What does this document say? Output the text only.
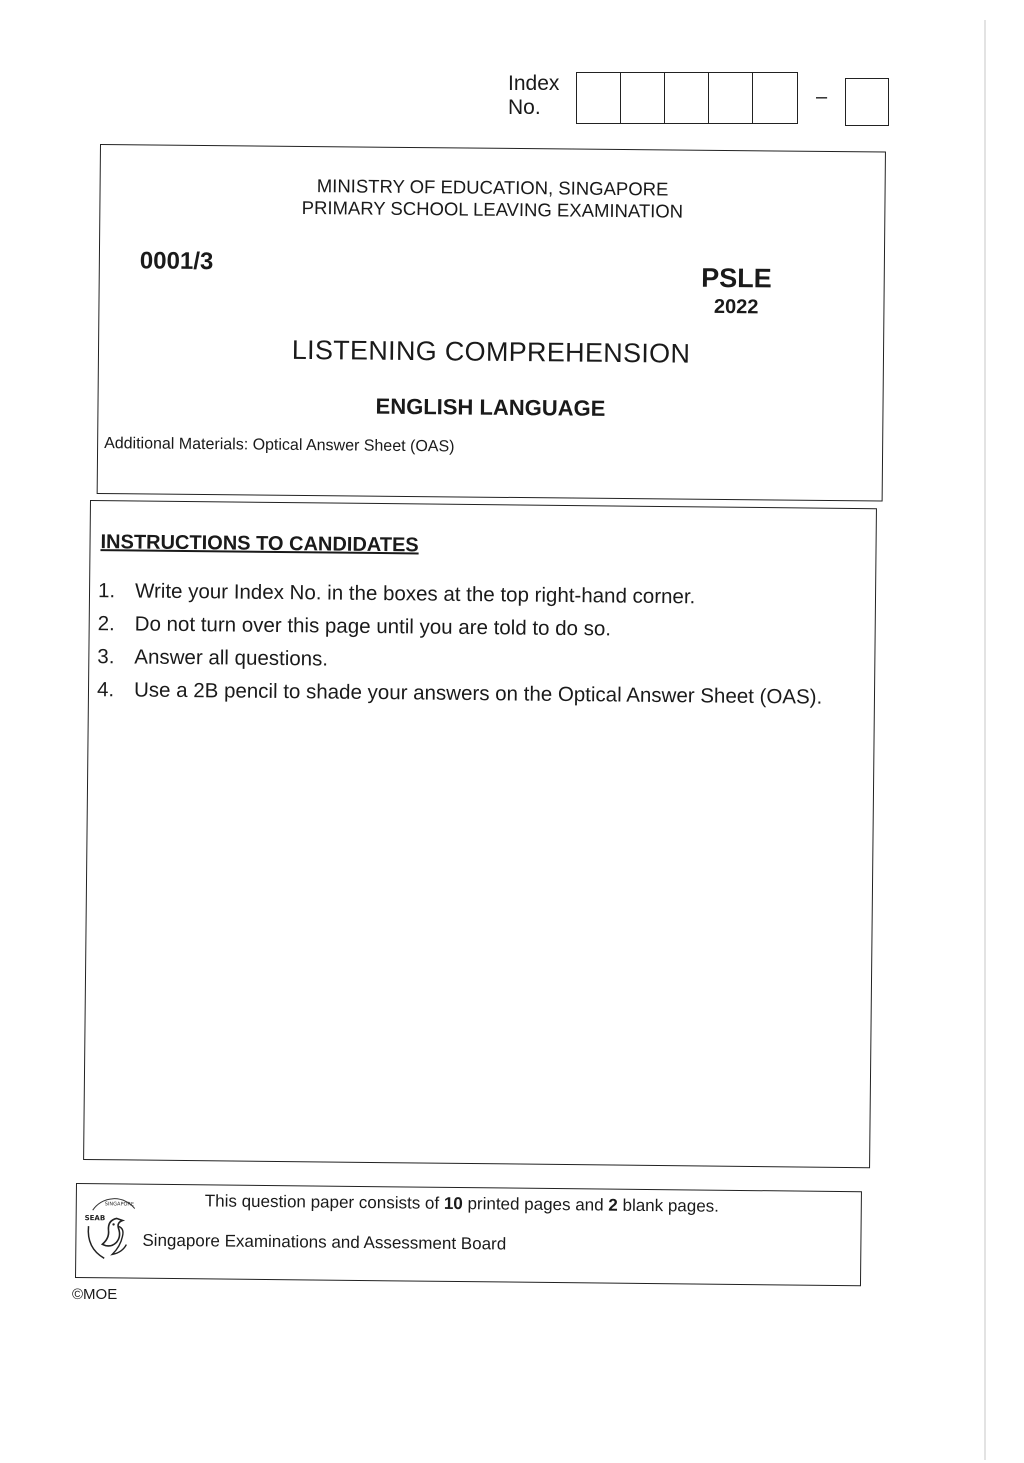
Index
No.	–
MINISTRY OF EDUCATION, SINGAPORE
PRIMARY SCHOOL LEAVING EXAMINATION
0001/3
PSLE
2022
LISTENING COMPREHENSION
ENGLISH LANGUAGE
Additional Materials: Optical Answer Sheet (OAS)
INSTRUCTIONS TO CANDIDATES
1. Write your Index No. in the boxes at the top right-hand corner.
2. Do not turn over this page until you are told to do so.
3. Answer all questions.
4. Use a 2B pencil to shade your answers on the Optical Answer Sheet (OAS).
This question paper consists of 10 printed pages and 2 blank pages.
SINGAPORE
SEAB
Singapore Examinations and Assessment Board
©MOE
